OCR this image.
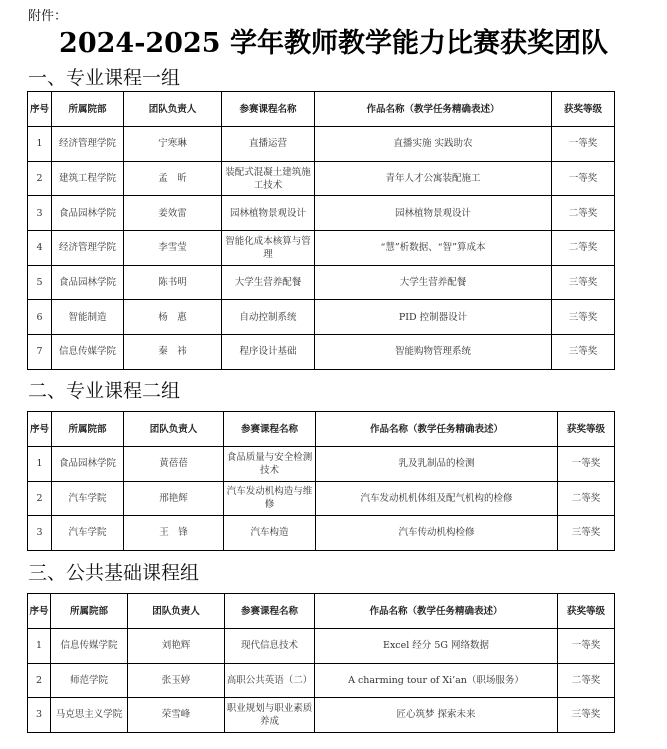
附件：
2024-2025 学年教师教学能力比赛获奖团队
一、专业课程一组
序号	所属院部	团队负责人	参赛课程名称	作品名称（教学任务精确表述）	获奖等级
1	经济管理学院	宁寒琳	直播运营	直播实施 实践助农	一等奖
2	建筑工程学院	孟　昕	装配式混凝土建筑施工技术	青年人才公寓装配施工	一等奖
3	食品园林学院	姜效雷	园林植物景观设计	园林植物景观设计	二等奖
4	经济管理学院	李雪莹	智能化成本核算与管理	“慧”析数据、“智”算成本	二等奖
5	食品园林学院	陈书明	大学生营养配餐	大学生营养配餐	三等奖
6	智能制造	杨　惠	自动控制系统	PID 控制器设计	三等奖
7	信息传媒学院	秦　祎	程序设计基础	智能购物管理系统	三等奖
二、专业课程二组
序号	所属院部	团队负责人	参赛课程名称	作品名称（教学任务精确表述）	获奖等级
1	食品园林学院	黄蓓蓓	食品质量与安全检测技术	乳及乳制品的检测	一等奖
2	汽车学院	邢艳辉	汽车发动机构造与维修	汽车发动机机体组及配气机构的检修	二等奖
3	汽车学院	王　锋	汽车构造	汽车传动机构检修	三等奖
三、公共基础课程组
序号	所属院部	团队负责人	参赛课程名称	作品名称（教学任务精确表述）	获奖等级
1	信息传媒学院	刘艳辉	现代信息技术	Excel 经分 5G 网络数据	一等奖
2	师范学院	张玉婷	高职公共英语（二）	A charming tour of Xi’an（职场服务）	二等奖
3	马克思主义学院	荣雪峰	职业规划与职业素质养成	匠心筑梦 探索未来	三等奖
